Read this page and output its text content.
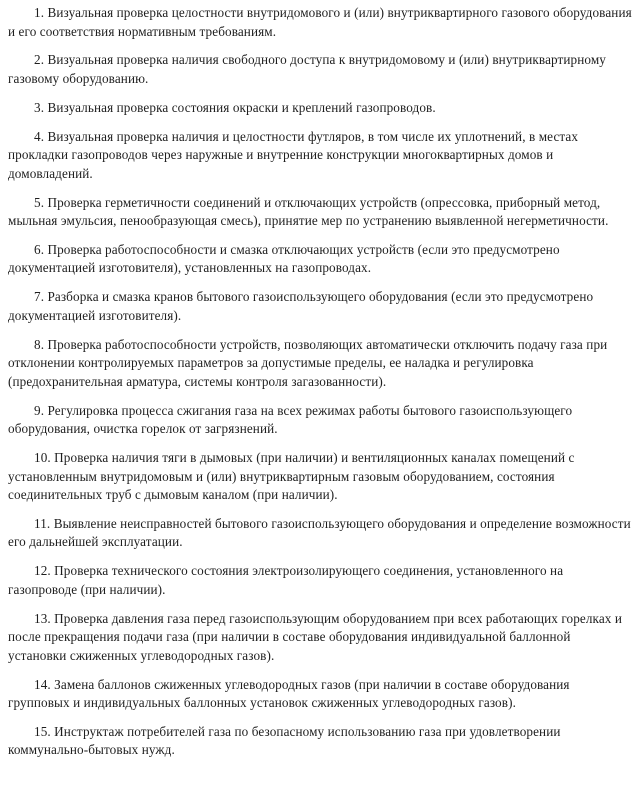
1. Визуальная проверка целостности внутридомового и (или) внутриквартирного газового оборудования и его соответствия нормативным требованиям.

2. Визуальная проверка наличия свободного доступа к внутридомовому и (или) внутриквартирному газовому оборудованию.

3. Визуальная проверка состояния окраски и креплений газопроводов.

4. Визуальная проверка наличия и целостности футляров, в том числе их уплотнений, в местах прокладки газопроводов через наружные и внутренние конструкции многоквартирных домов и домовладений.

5. Проверка герметичности соединений и отключающих устройств (опрессовка, приборный метод, мыльная эмульсия, пенообразующая смесь), принятие мер по устранению выявленной негерметичности.

6. Проверка работоспособности и смазка отключающих устройств (если это предусмотрено документацией изготовителя), установленных на газопроводах.

7. Разборка и смазка кранов бытового газоиспользующего оборудования (если это предусмотрено документацией изготовителя).

8. Проверка работоспособности устройств, позволяющих автоматически отключить подачу газа при отклонении контролируемых параметров за допустимые пределы, ее наладка и регулировка (предохранительная арматура, системы контроля загазованности).

9. Регулировка процесса сжигания газа на всех режимах работы бытового газоиспользующего оборудования, очистка горелок от загрязнений.

10. Проверка наличия тяги в дымовых (при наличии) и вентиляционных каналах помещений с установленным внутридомовым и (или) внутриквартирным газовым оборудованием, состояния соединительных труб с дымовым каналом (при наличии).

11. Выявление неисправностей бытового газоиспользующего оборудования и определение возможности его дальнейшей эксплуатации.

12. Проверка технического состояния электроизолирующего соединения, установленного на газопроводе (при наличии).

13. Проверка давления газа перед газоиспользующим оборудованием при всех работающих горелках и после прекращения подачи газа (при наличии в составе оборудования индивидуальной баллонной установки сжиженных углеводородных газов).

14. Замена баллонов сжиженных углеводородных газов (при наличии в составе оборудования групповых и индивидуальных баллонных установок сжиженных углеводородных газов).

15. Инструктаж потребителей газа по безопасному использованию газа при удовлетворении коммунально-бытовых нужд.
